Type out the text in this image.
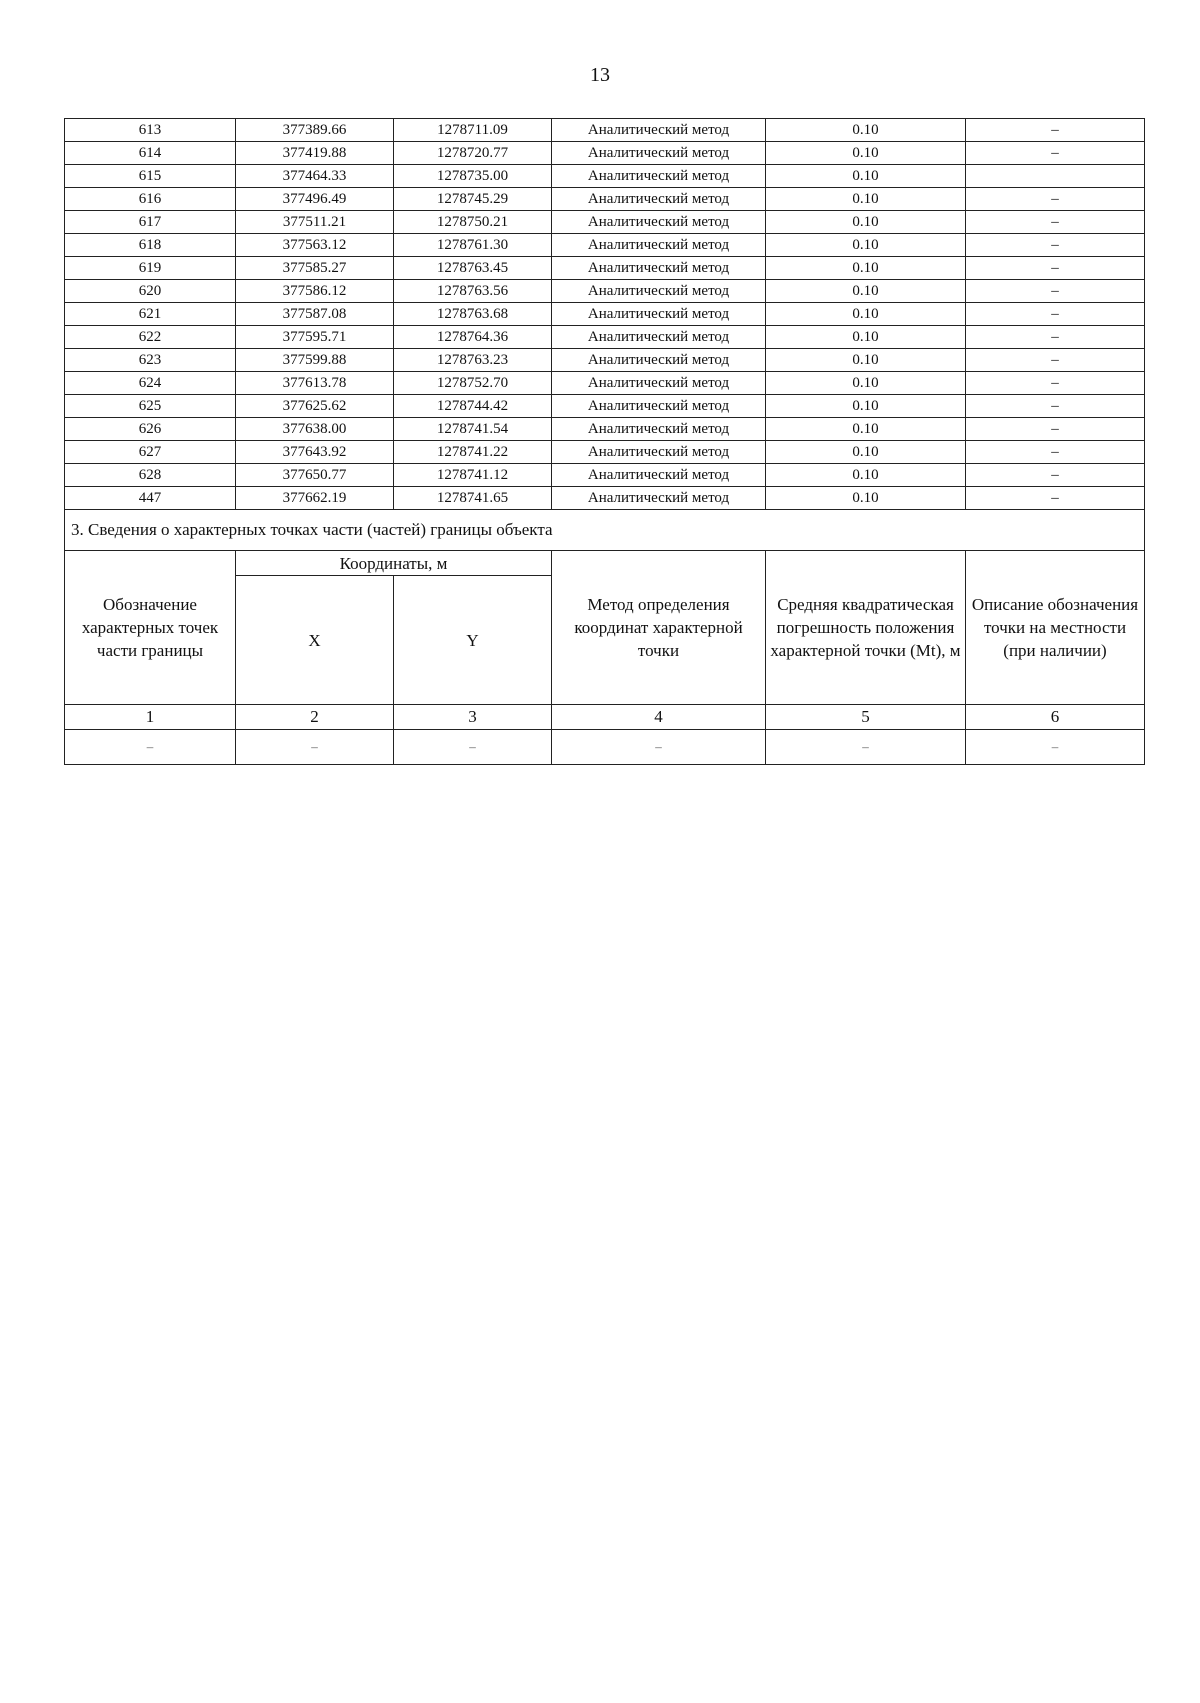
13
613	377389.66	1278711.09	Аналитический метод	0.10	–
614	377419.88	1278720.77	Аналитический метод	0.10	–
615	377464.33	1278735.00	Аналитический метод	0.10	
616	377496.49	1278745.29	Аналитический метод	0.10	–
617	377511.21	1278750.21	Аналитический метод	0.10	–
618	377563.12	1278761.30	Аналитический метод	0.10	–
619	377585.27	1278763.45	Аналитический метод	0.10	–
620	377586.12	1278763.56	Аналитический метод	0.10	–
621	377587.08	1278763.68	Аналитический метод	0.10	–
622	377595.71	1278764.36	Аналитический метод	0.10	–
623	377599.88	1278763.23	Аналитический метод	0.10	–
624	377613.78	1278752.70	Аналитический метод	0.10	–
625	377625.62	1278744.42	Аналитический метод	0.10	–
626	377638.00	1278741.54	Аналитический метод	0.10	–
627	377643.92	1278741.22	Аналитический метод	0.10	–
628	377650.77	1278741.12	Аналитический метод	0.10	–
447	377662.19	1278741.65	Аналитический метод	0.10	–
3. Сведения о характерных точках части (частей) границы объекта					
Обозначение характерных точек части границы	Координаты, м		Метод определения координат характерной точки	Средняя квадратическая погрешность положения характерной точки (Mt), м	Описание обозначения точки на местности (при наличии)
	X	Y			
1	2	3	4	5	6
–	–	–	–	–	–
